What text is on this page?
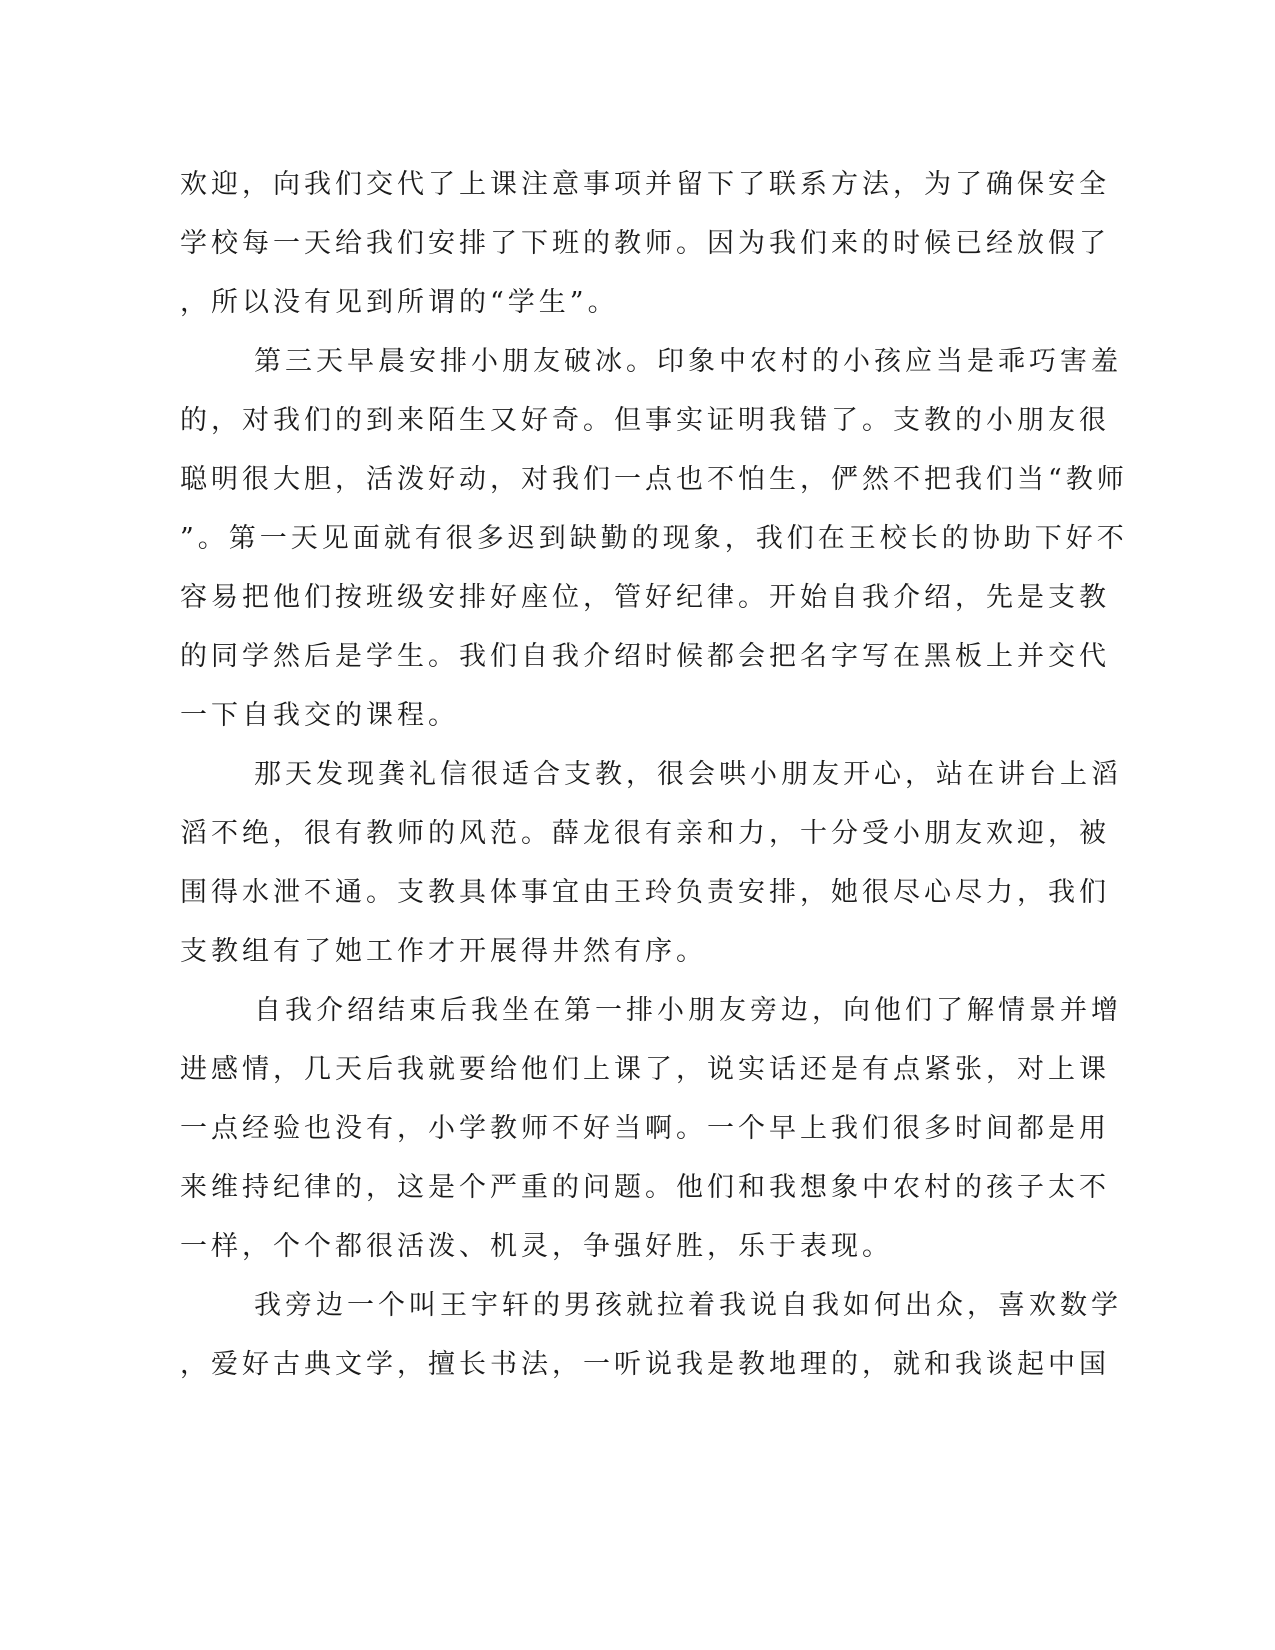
欢迎，向我们交代了上课注意事项并留下了联系方法，为了确保安全
学校每一天给我们安排了下班的教师。因为我们来的时候已经放假了
，所以没有见到所谓的“学生”。
第三天早晨安排小朋友破冰。印象中农村的小孩应当是乖巧害羞
的，对我们的到来陌生又好奇。但事实证明我错了。支教的小朋友很
聪明很大胆，活泼好动，对我们一点也不怕生，俨然不把我们当“教师
”。第一天见面就有很多迟到缺勤的现象，我们在王校长的协助下好不
容易把他们按班级安排好座位，管好纪律。开始自我介绍，先是支教
的同学然后是学生。我们自我介绍时候都会把名字写在黑板上并交代
一下自我交的课程。
那天发现龚礼信很适合支教，很会哄小朋友开心，站在讲台上滔
滔不绝，很有教师的风范。薛龙很有亲和力，十分受小朋友欢迎，被
围得水泄不通。支教具体事宜由王玲负责安排，她很尽心尽力，我们
支教组有了她工作才开展得井然有序。
自我介绍结束后我坐在第一排小朋友旁边，向他们了解情景并增
进感情，几天后我就要给他们上课了，说实话还是有点紧张，对上课
一点经验也没有，小学教师不好当啊。一个早上我们很多时间都是用
来维持纪律的，这是个严重的问题。他们和我想象中农村的孩子太不
一样，个个都很活泼、机灵，争强好胜，乐于表现。
我旁边一个叫王宇轩的男孩就拉着我说自我如何出众，喜欢数学
，爱好古典文学，擅长书法，一听说我是教地理的，就和我谈起中国
